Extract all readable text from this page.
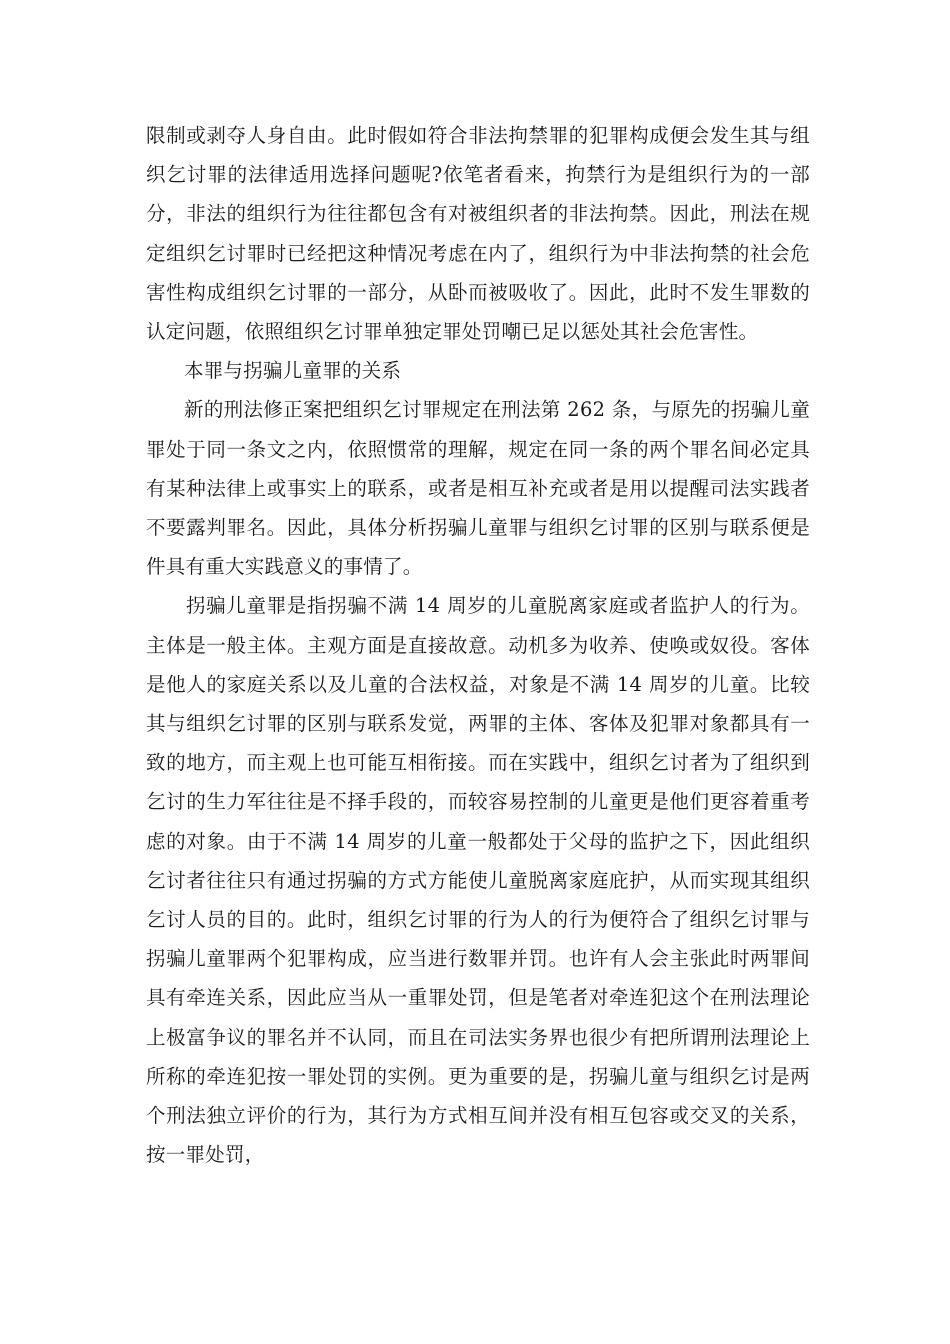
限制或剥夺人身自由。此时假如符合非法拘禁罪的犯罪构成便会发生其与组织乞讨罪的法律适用选择问题呢?依笔者看来，拘禁行为是组织行为的一部分，非法的组织行为往往都包含有对被组织者的非法拘禁。因此，刑法在规定组织乞讨罪时已经把这种情况考虑在内了，组织行为中非法拘禁的社会危害性构成组织乞讨罪的一部分，从卧而被吸收了。因此，此时不发生罪数的认定问题，依照组织乞讨罪单独定罪处罚嘲已足以惩处其社会危害性。

本罪与拐骗儿童罪的关系

新的刑法修正案把组织乞讨罪规定在刑法第 262 条，与原先的拐骗儿童罪处于同一条文之内，依照惯常的理解，规定在同一条的两个罪名间必定具有某种法律上或事实上的联系，或者是相互补充或者是用以提醒司法实践者不要露判罪名。因此，具体分析拐骗儿童罪与组织乞讨罪的区别与联系便是件具有重大实践意义的事情了。

拐骗儿童罪是指拐骗不满 14 周岁的儿童脱离家庭或者监护人的行为。主体是一般主体。主观方面是直接故意。动机多为收养、使唤或奴役。客体是他人的家庭关系以及儿童的合法权益，对象是不满 14 周岁的儿童。比较其与组织乞讨罪的区别与联系发觉，两罪的主体、客体及犯罪对象都具有一致的地方，而主观上也可能互相衔接。而在实践中，组织乞讨者为了组织到乞讨的生力军往往是不择手段的，而较容易控制的儿童更是他们更容着重考虑的对象。由于不满 14 周岁的儿童一般都处于父母的监护之下，因此组织乞讨者往往只有通过拐骗的方式方能使儿童脱离家庭庇护，从而实现其组织乞讨人员的目的。此时，组织乞讨罪的行为人的行为便符合了组织乞讨罪与拐骗儿童罪两个犯罪构成，应当进行数罪并罚。也许有人会主张此时两罪间具有牵连关系，因此应当从一重罪处罚，但是笔者对牵连犯这个在刑法理论上极富争议的罪名并不认同，而且在司法实务界也很少有把所谓刑法理论上所称的牵连犯按一罪处罚的实例。更为重要的是，拐骗儿童与组织乞讨是两个刑法独立评价的行为，其行为方式相互间并没有相互包容或交叉的关系，按一罪处罚，
